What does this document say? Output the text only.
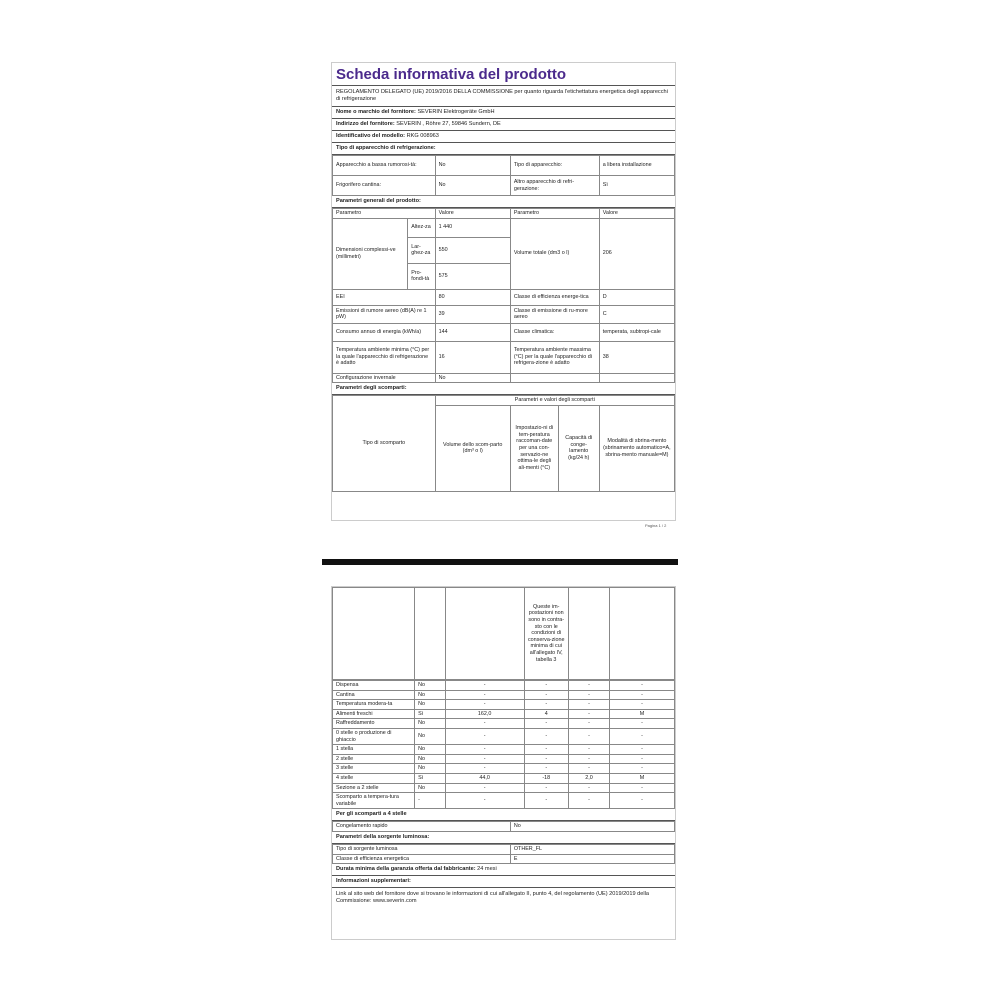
Scheda informativa del prodotto
REGOLAMENTO DELEGATO (UE) 2019/2016 DELLA COMMISSIONE per quanto riguarda l'etichettatura energetica degli apparecchi di refrigerazione
Nome o marchio del fornitore: SEVERIN Elektrogeräte GmbH
Indirizzo del fornitore: SEVERIN , Röhre 27, 59846 Sundern, DE
Identificativo del modello: RKG 008963
Tipo di apparecchio di refrigerazione:
Apparecchio a bassa rumorosi-tà:	No	Tipo di apparecchio:	a libera installazione
Frigorifero cantina:	No	Altro apparecchio di refri-gerazione:	Sì
Parametri generali del prodotto:
Parametro		Valore	Parametro	Valore
Dimensioni complessi-ve (millimetri)	Altez-za	1 440	Volume totale (dm3 o l)	206
	Lar-ghez-za	550		
	Pro-fondi-tà	575		
EEI		80	Classe di efficienza energe-tica	D
Emissioni di rumore aereo (dB(A) re 1 pW)		39	Classe di emissione di ru-more aereo	C
Consumo annuo di energia (kWh/a)		144	Classe climatica:	temperata, subtropi-cale
Temperatura ambiente minima (°C) per la quale l'apparecchio di refrigerazione è adatto		16	Temperatura ambiente massima (°C) per la quale l'apparecchio di refrigera-zione è adatto	38
Configurazione invernale		No		
Parametri degli scomparti:
Tipo di scomparto	Parametri e valori degli scomparti			
	Volume dello scom-parto (dm³ o l)	Impostazio-ni di tem-peratura raccoman-date per una con-servazio-ne ottima-le degli ali-menti (°C)	Capacità di conge-lamento (kg/24 h)	Modalità di sbrina-mento (sbrinamento automatico=A, sbrina-mento manuale=M)
Pagina 1 / 2
			Queste im-postazioni non sono in contra-sto con le condizioni di conserva-zione minima di cui all'allegato IV, tabella 3		
Dispensa	No	-	-	-	-
Cantina	No	-	-	-	-
Temperatura modera-ta	No	-	-	-	-
Alimenti freschi	Sì	162,0	4	-	M
Raffreddamento	No	-	-	-	-
0 stelle o produzione di ghiaccio	No	-	-	-	-
1 stella	No	-	-	-	-
2 stelle	No	-	-	-	-
3 stelle	No	-	-	-	-
4 stelle	Sì	44,0	-18	2,0	M
Sezione a 2 stelle	No	-	-	-	-
Scomparto a tempera-tura variabile	-	-	-	-	-
Per gli scomparti a 4 stelle
Congelamento rapido	No
Parametri della sorgente luminosa:
Tipo di sorgente luminosa	OTHER_FL
Classe di efficienza energetica	E
Durata minima della garanzia offerta dal fabbricante: 24 mesi
Informazioni supplementari:
Link al sito web del fornitore dove si trovano le informazioni di cui all'allegato II, punto 4, del regolamento (UE) 2019/2019 della Commissione: www.severin.com
